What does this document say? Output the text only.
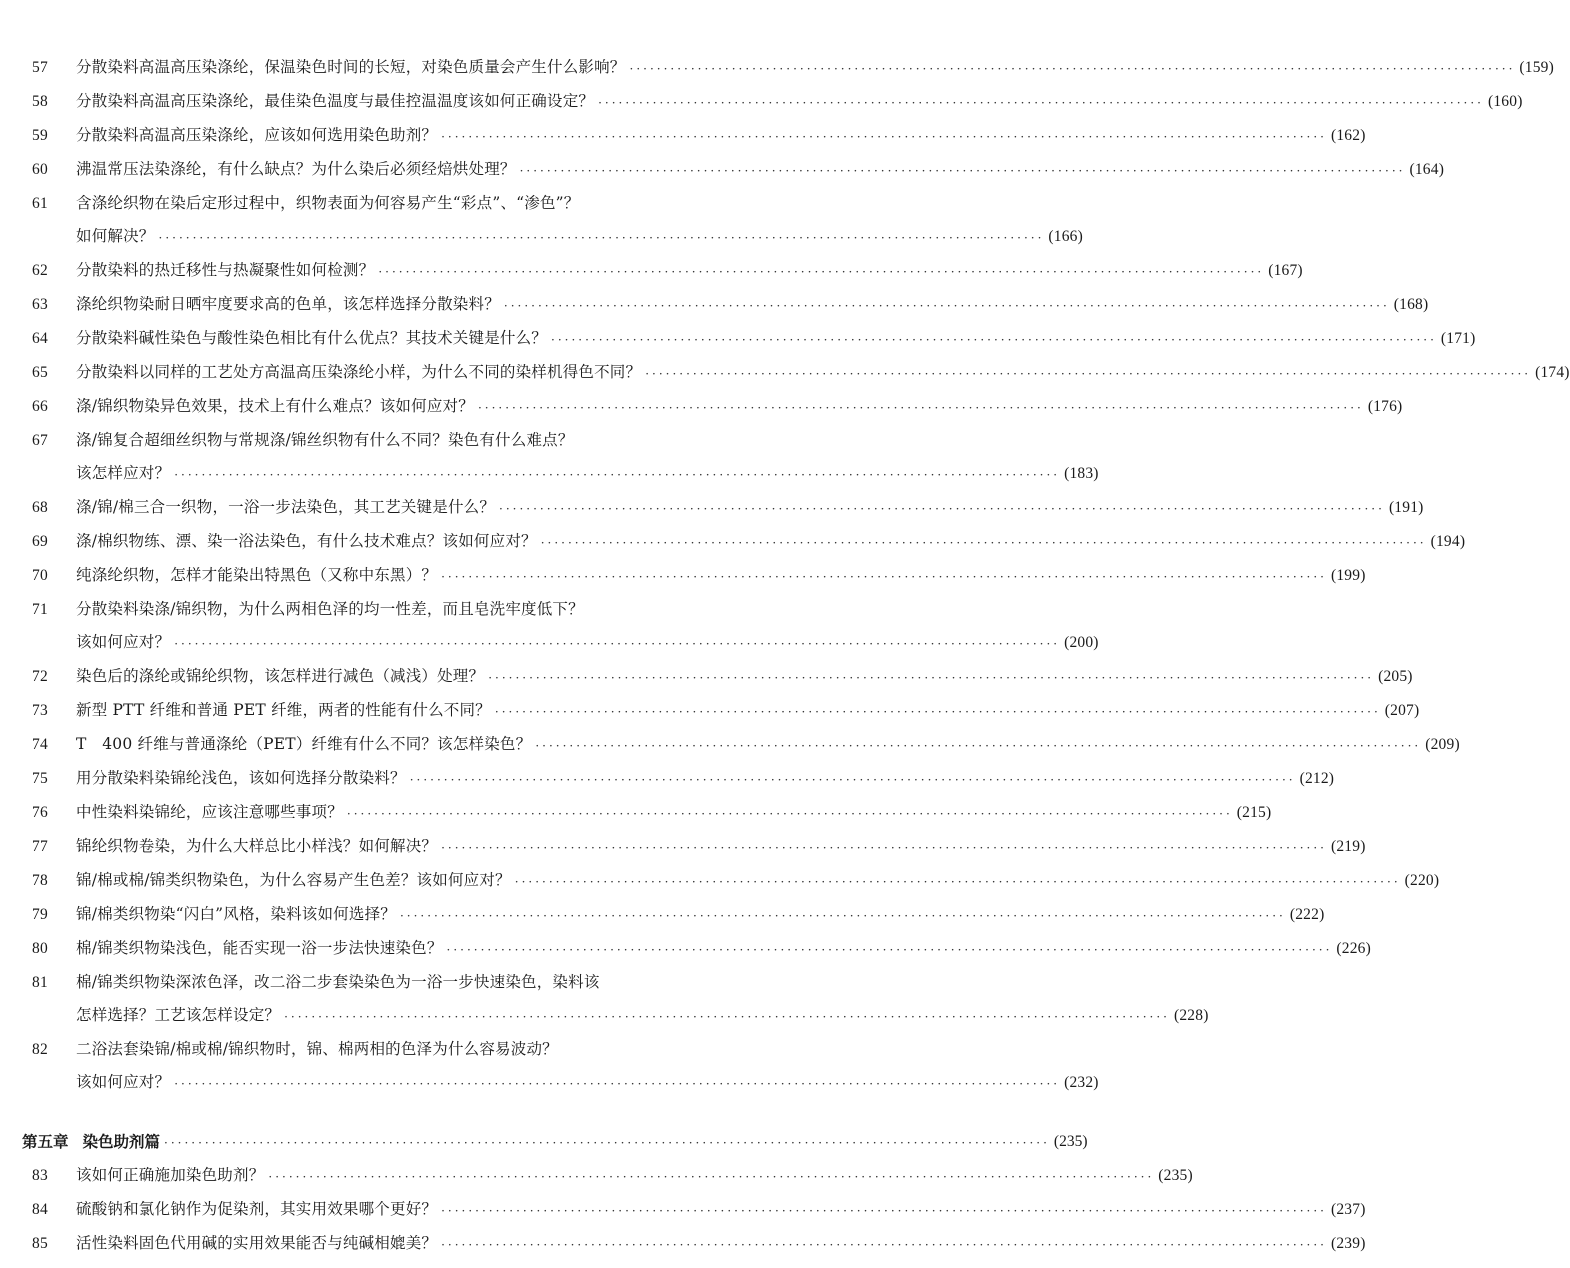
57	分散染料高温高压染涤纶，保温染色时间的长短，对染色质量会产生什么影响？ ·································································································································· (159)
58	分散染料高温高压染涤纶，最佳染色温度与最佳控温温度该如何正确设定？ ·································································································································· (160)
59	分散染料高温高压染涤纶，应该如何选用染色助剂？ ·································································································································· (162)
60	沸温常压法染涤纶，有什么缺点？为什么染后必须经焙烘处理？ ·································································································································· (164)
61	含涤纶织物在染后定形过程中，织物表面为何容易产生“彩点”、“渗色”？
如何解决？ ·································································································································· (166)
62	分散染料的热迁移性与热凝聚性如何检测？ ·································································································································· (167)
63	涤纶织物染耐日晒牢度要求高的色单，该怎样选择分散染料？ ·································································································································· (168)
64	分散染料碱性染色与酸性染色相比有什么优点？其技术关键是什么？ ·································································································································· (171)
65	分散染料以同样的工艺处方高温高压染涤纶小样，为什么不同的染样机得色不同？ ·································································································································· (174)
66	涤/锦织物染异色效果，技术上有什么难点？该如何应对？ ·································································································································· (176)
67	涤/锦复合超细丝织物与常规涤/锦丝织物有什么不同？染色有什么难点？
该怎样应对？ ·································································································································· (183)
68	涤/锦/棉三合一织物，一浴一步法染色，其工艺关键是什么？ ·································································································································· (191)
69	涤/棉织物练、漂、染一浴法染色，有什么技术难点？该如何应对？ ·································································································································· (194)
70	纯涤纶织物，怎样才能染出特黑色（又称中东黑）？ ·································································································································· (199)
71	分散染料染涤/锦织物，为什么两相色泽的均一性差，而且皂洗牢度低下？
该如何应对？ ·································································································································· (200)
72	染色后的涤纶或锦纶织物，该怎样进行减色（减浅）处理？ ·································································································································· (205)
73	新型 PTT 纤维和普通 PET 纤维，两者的性能有什么不同？ ·································································································································· (207)
74	T　400 纤维与普通涤纶（PET）纤维有什么不同？该怎样染色？ ·································································································································· (209)
75	用分散染料染锦纶浅色，该如何选择分散染料？ ·································································································································· (212)
76	中性染料染锦纶，应该注意哪些事项？ ·································································································································· (215)
77	锦纶织物卷染，为什么大样总比小样浅？如何解决？ ·································································································································· (219)
78	锦/棉或棉/锦类织物染色，为什么容易产生色差？该如何应对？ ·································································································································· (220)
79	锦/棉类织物染“闪白”风格，染料该如何选择？ ·································································································································· (222)
80	棉/锦类织物染浅色，能否实现一浴一步法快速染色？ ·································································································································· (226)
81	棉/锦类织物染深浓色泽，改二浴二步套染染色为一浴一步快速染色，染料该
怎样选择？工艺该怎样设定？ ·································································································································· (228)
82	二浴法套染锦/棉或棉/锦织物时，锦、棉两相的色泽为什么容易波动？
该如何应对？ ·································································································································· (232)
第五章 染色助剂篇 ·································································································································· (235)
83	该如何正确施加染色助剂？ ·································································································································· (235)
84	硫酸钠和氯化钠作为促染剂，其实用效果哪个更好？ ·································································································································· (237)
85	活性染料固色代用碱的实用效果能否与纯碱相媲美？ ·································································································································· (239)
